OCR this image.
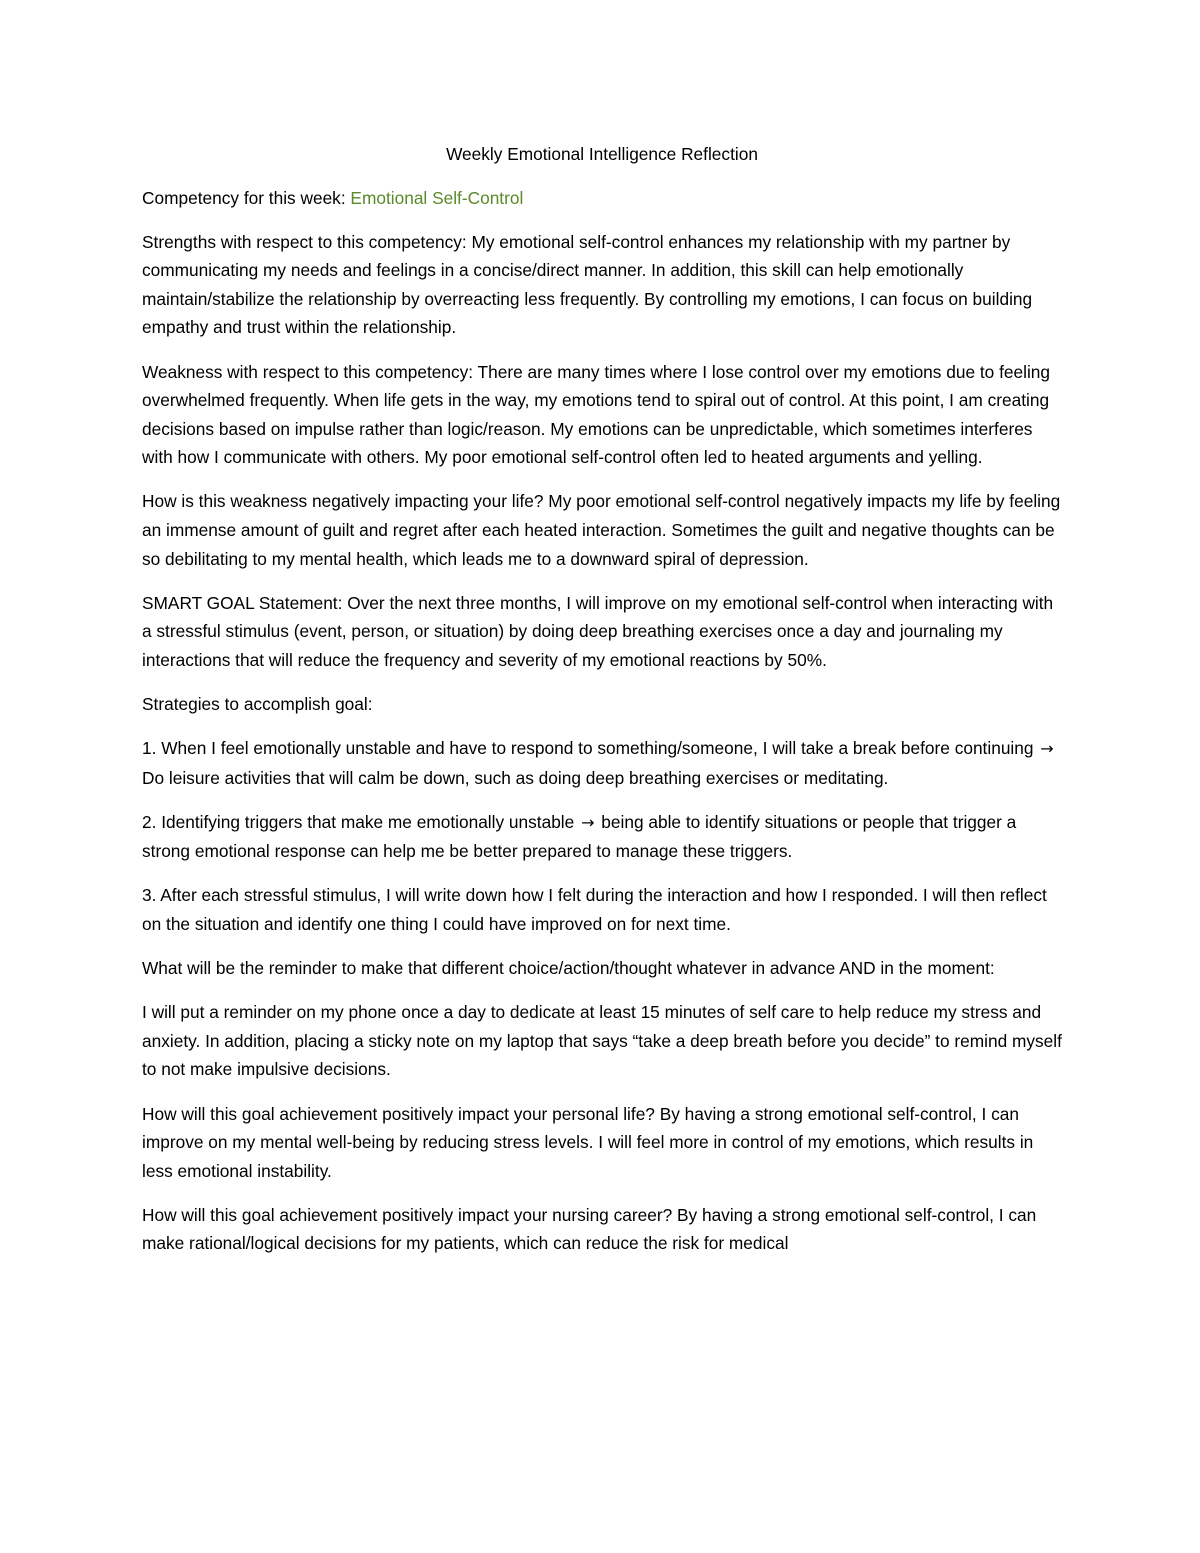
Weekly Emotional Intelligence Reflection

Competency for this week: Emotional Self-Control

Strengths with respect to this competency: My emotional self-control enhances my relationship with my partner by communicating my needs and feelings in a concise/direct manner. In addition, this skill can help emotionally maintain/stabilize the relationship by overreacting less frequently. By controlling my emotions, I can focus on building empathy and trust within the relationship.

Weakness with respect to this competency: There are many times where I lose control over my emotions due to feeling overwhelmed frequently. When life gets in the way, my emotions tend to spiral out of control. At this point, I am creating decisions based on impulse rather than logic/reason. My emotions can be unpredictable, which sometimes interferes with how I communicate with others. My poor emotional self-control often led to heated arguments and yelling.

How is this weakness negatively impacting your life? My poor emotional self-control negatively impacts my life by feeling an immense amount of guilt and regret after each heated interaction. Sometimes the guilt and negative thoughts can be so debilitating to my mental health, which leads me to a downward spiral of depression.

SMART GOAL Statement: Over the next three months, I will improve on my emotional self-control when interacting with a stressful stimulus (event, person, or situation) by doing deep breathing exercises once a day and journaling my interactions that will reduce the frequency and severity of my emotional reactions by 50%.

Strategies to accomplish goal:

1. When I feel emotionally unstable and have to respond to something/someone, I will take a break before continuing → Do leisure activities that will calm be down, such as doing deep breathing exercises or meditating.

2. Identifying triggers that make me emotionally unstable → being able to identify situations or people that trigger a strong emotional response can help me be better prepared to manage these triggers.

3. After each stressful stimulus, I will write down how I felt during the interaction and how I responded. I will then reflect on the situation and identify one thing I could have improved on for next time.

What will be the reminder to make that different choice/action/thought whatever in advance AND in the moment:

I will put a reminder on my phone once a day to dedicate at least 15 minutes of self care to help reduce my stress and anxiety. In addition, placing a sticky note on my laptop that says “take a deep breath before you decide” to remind myself to not make impulsive decisions.

How will this goal achievement positively impact your personal life? By having a strong emotional self-control, I can improve on my mental well-being by reducing stress levels. I will feel more in control of my emotions, which results in less emotional instability.

How will this goal achievement positively impact your nursing career? By having a strong emotional self-control, I can make rational/logical decisions for my patients, which can reduce the risk for medical
